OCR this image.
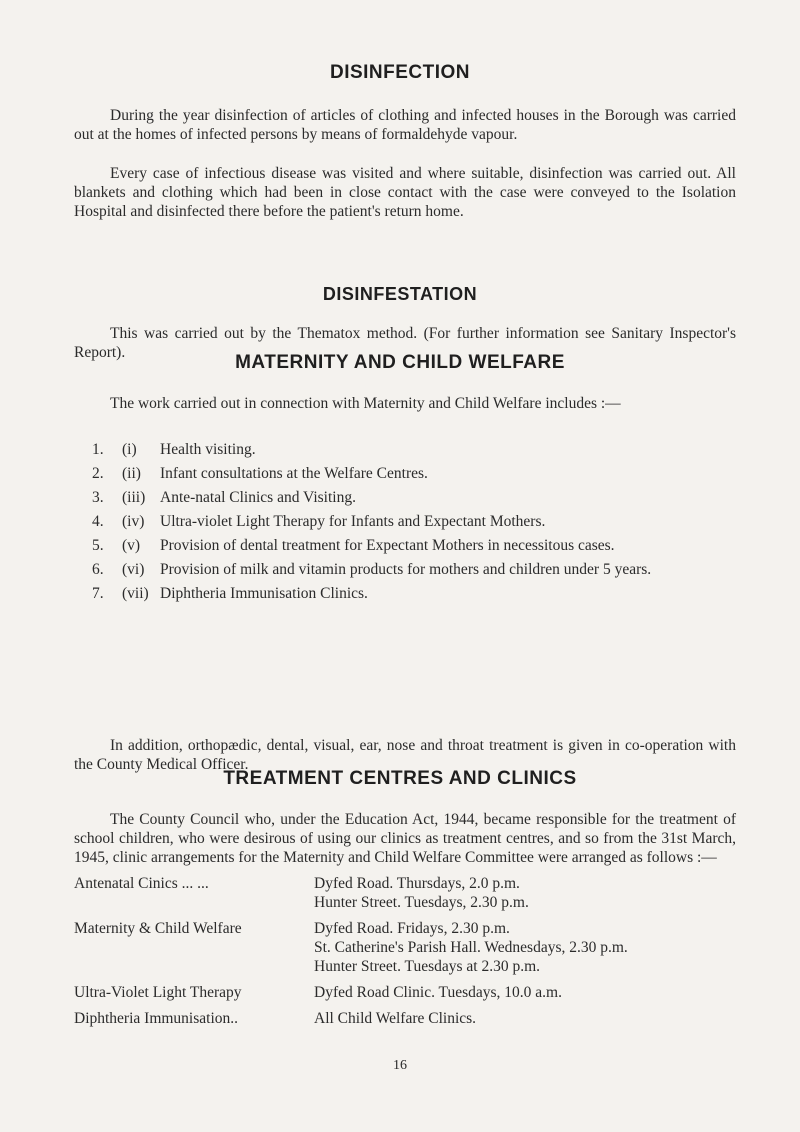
DISINFECTION

During the year disinfection of articles of clothing and infected houses in the Borough was carried out at the homes of infected persons by means of formaldehyde vapour.

Every case of infectious disease was visited and where suitable, disinfection was carried out. All blankets and clothing which had been in close contact with the case were conveyed to the Isolation Hospital and disinfected there before the patient's return home.

DISINFESTATION

This was carried out by the Thematox method. (For further information see Sanitary Inspector's Report).	MATERNITY AND CHILD WELFARE

The work carried out in connection with Maternity and Child Welfare includes :—

1.	(i)	Health visiting.
2.	(ii)	Infant consultations at the Welfare Centres.
3.	(iii) Ante-natal Clinics and Visiting.
4.	(iv)	Ultra-violet Light Therapy for Infants and Expectant Mothers.
5.	(v)	Provision of dental treatment for Expectant Mothers in necessitous cases.
6.	(vi)	Provision of milk and vitamin products for mothers and children under 5 years.
7.	(vii) Diphtheria Immunisation Clinics.

In addition, orthopædic, dental, visual, ear, nose and throat treatment is given in co-operation with the County Medical Officer.

TREATMENT CENTRES AND CLINICS

The County Council who, under the Education Act, 1944, became responsible for the treatment of school children, who were desirous of using our clinics as treatment centres, and so from the 31st March, 1945, clinic arrangements for the Maternity and Child Welfare Committee were arranged as follows :—

Antenatal Cinics ... ...	Dyfed Road. Thursdays, 2.0 p.m.
Hunter Street. Tuesdays, 2.30 p.m.
Maternity & Child Welfare	Dyfed Road. Fridays, 2.30 p.m.
St. Catherine's Parish Hall. Wednesdays, 2.30 p.m.
Hunter Street. Tuesdays at 2.30 p.m.
Ultra-Violet Light Therapy	Dyfed Road Clinic. Tuesdays, 10.0 a.m.
Diphtheria Immunisation..	All Child Welfare Clinics.
16
